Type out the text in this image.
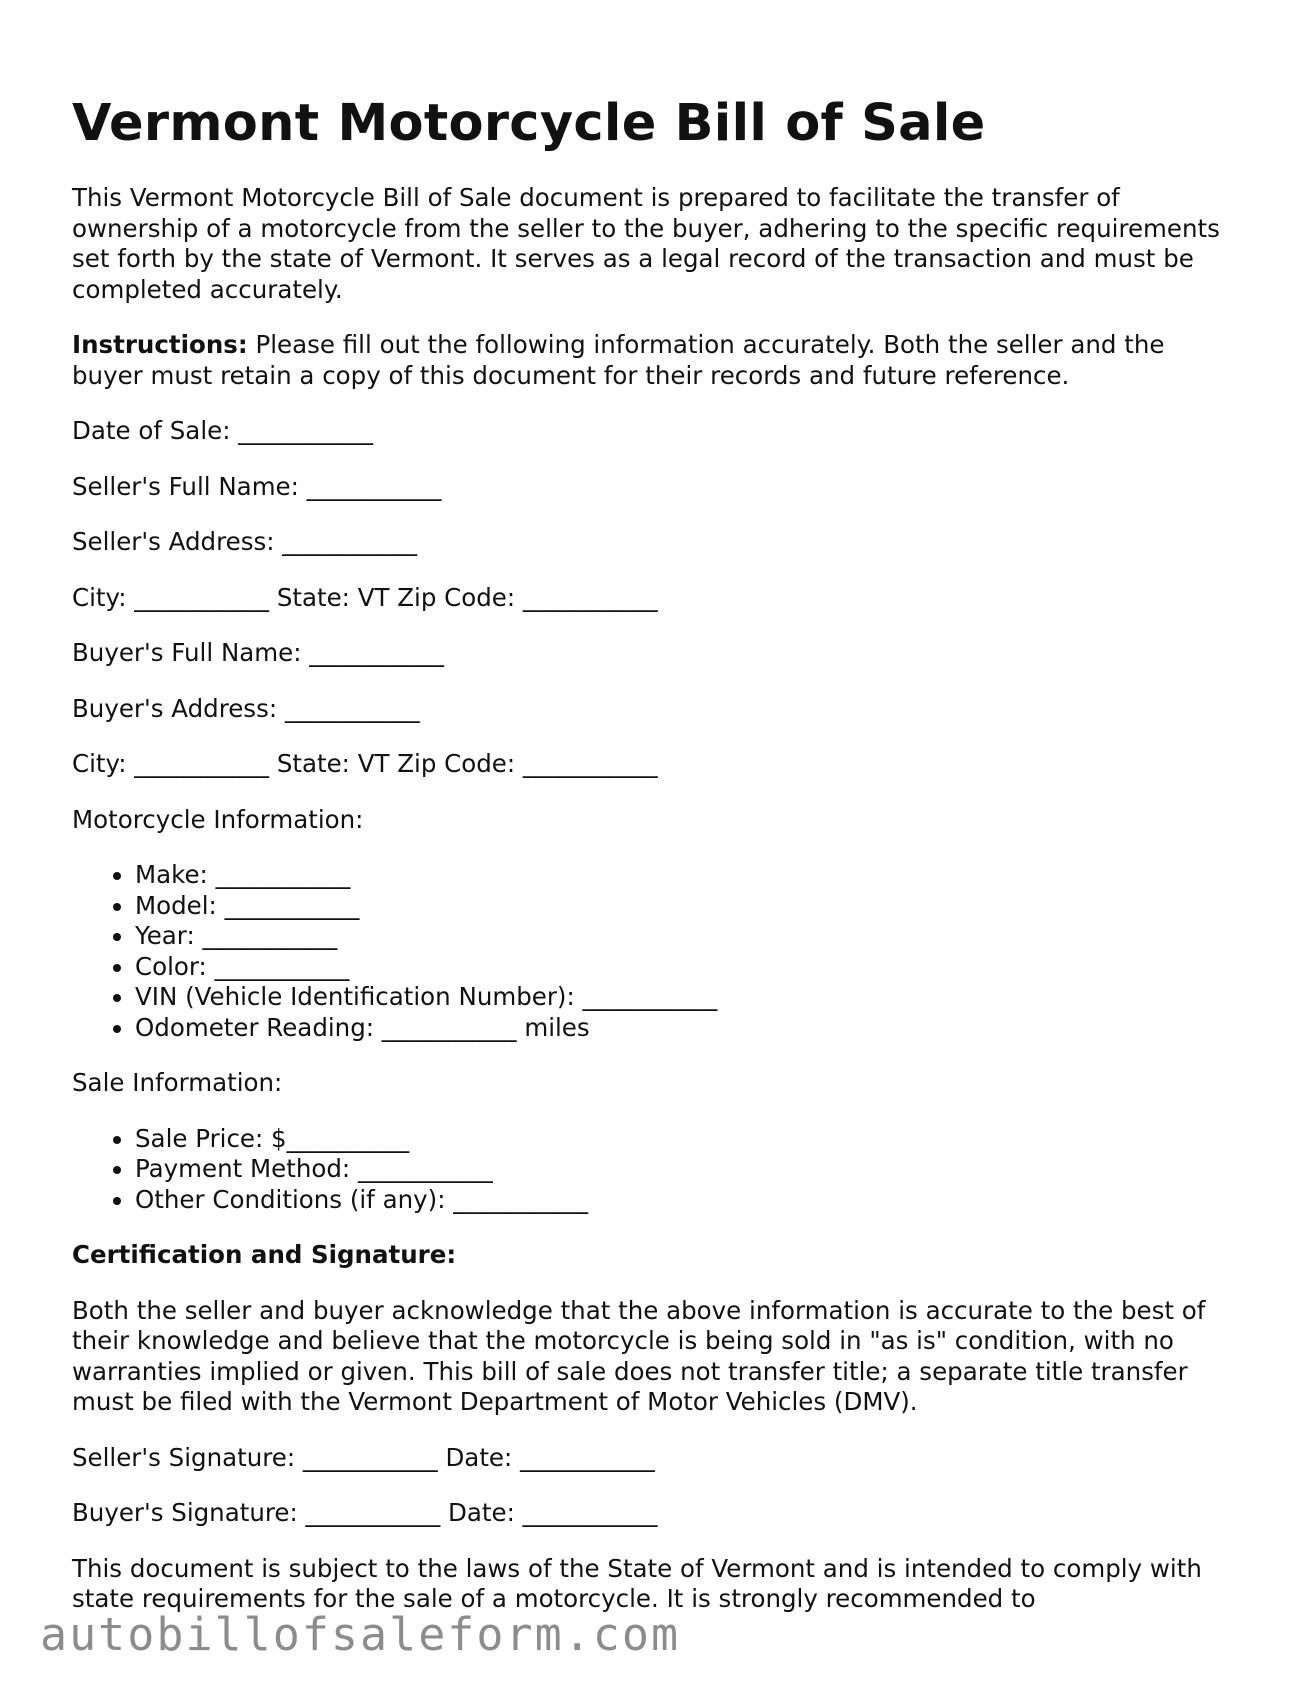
Vermont Motorcycle Bill of Sale

This Vermont Motorcycle Bill of Sale document is prepared to facilitate the transfer of ownership of a motorcycle from the seller to the buyer, adhering to the specific requirements set forth by the state of Vermont. It serves as a legal record of the transaction and must be completed accurately.

Instructions: Please fill out the following information accurately. Both the seller and the buyer must retain a copy of this document for their records and future reference.

Date of Sale: ___________

Seller's Full Name: ___________

Seller's Address: ___________

City: ___________ State: VT Zip Code: ___________

Buyer's Full Name: ___________

Buyer's Address: ___________

City: ___________ State: VT Zip Code: ___________

Motorcycle Information:

• Make: ___________
• Model: ___________
• Year: ___________
• Color: ___________
• VIN (Vehicle Identification Number): ___________
• Odometer Reading: ___________ miles

Sale Information:

• Sale Price: $__________
• Payment Method: ___________
• Other Conditions (if any): ___________

Certification and Signature:

Both the seller and buyer acknowledge that the above information is accurate to the best of their knowledge and believe that the motorcycle is being sold in "as is" condition, with no warranties implied or given. This bill of sale does not transfer title; a separate title transfer must be filed with the Vermont Department of Motor Vehicles (DMV).

Seller's Signature: ___________ Date: ___________

Buyer's Signature: ___________ Date: ___________

This document is subject to the laws of the State of Vermont and is intended to comply with state requirements for the sale of a motorcycle. It is strongly recommended to

autobillofsaleform.com
